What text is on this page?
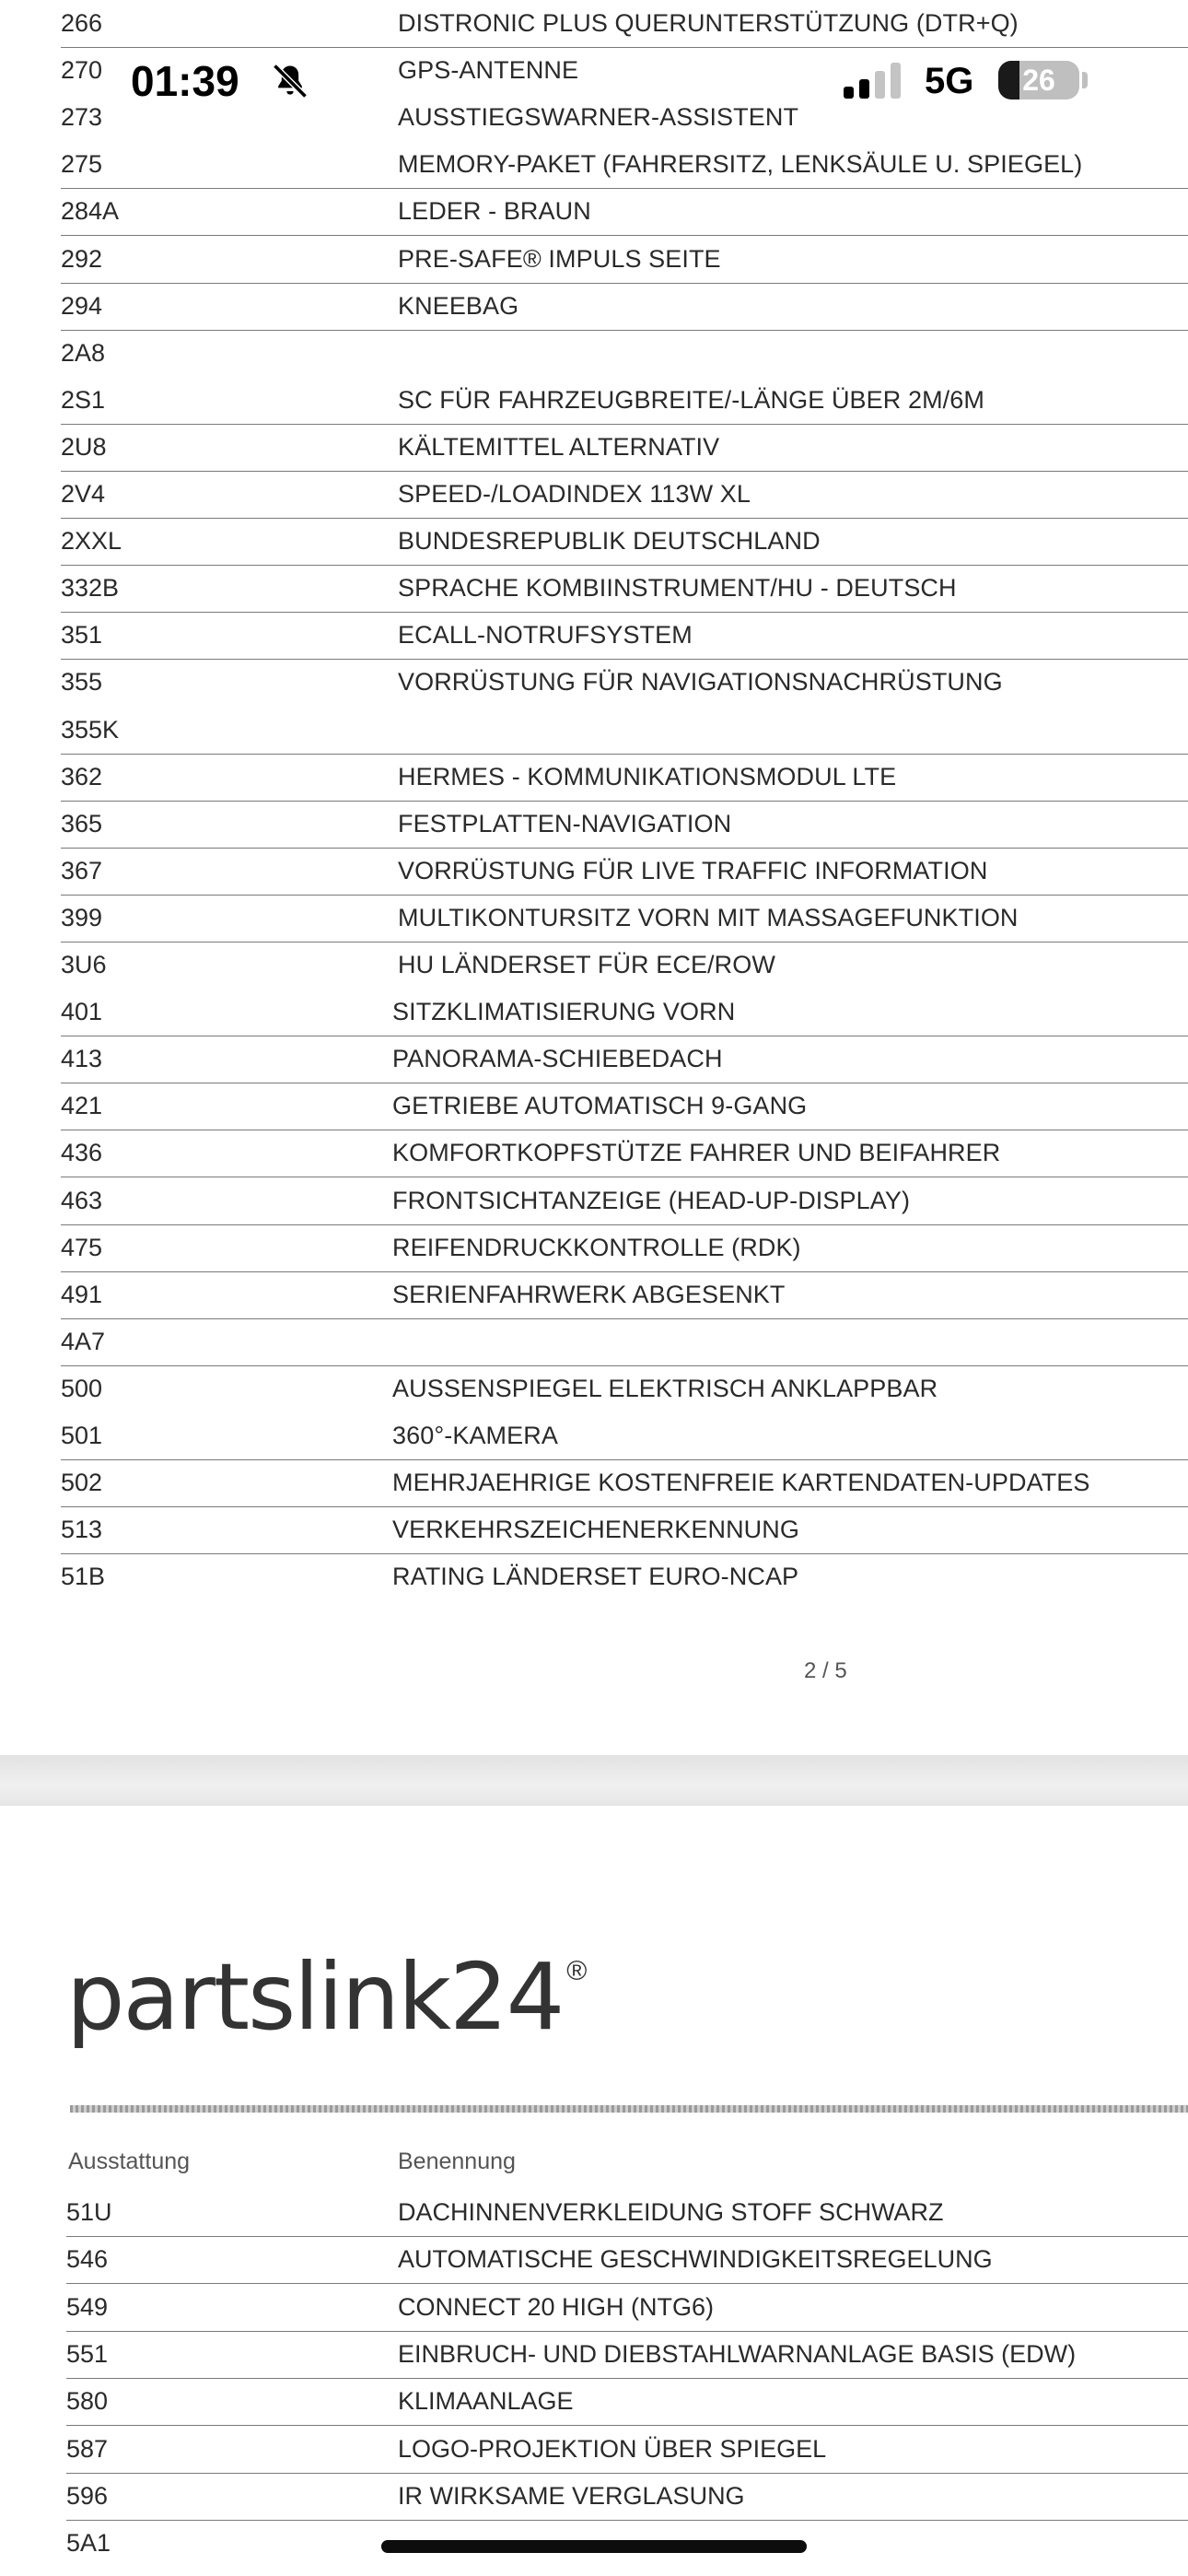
266	DISTRONIC PLUS QUERUNTERSTÜTZUNG (DTR+Q)
270	GPS-ANTENNE
273	AUSSTIEGSWARNER-ASSISTENT
275	MEMORY-PAKET (FAHRERSITZ, LENKSÄULE U. SPIEGEL)
284A	LEDER - BRAUN
292	PRE-SAFE® IMPULS SEITE
294	KNEEBAG
2A8
2S1	SC FÜR FAHRZEUGBREITE/-LÄNGE ÜBER 2M/6M
2U8	KÄLTEMITTEL ALTERNATIV
2V4	SPEED-/LOADINDEX 113W XL
2XXL	BUNDESREPUBLIK DEUTSCHLAND
332B	SPRACHE KOMBIINSTRUMENT/HU - DEUTSCH
351	ECALL-NOTRUFSYSTEM
355	VORRÜSTUNG FÜR NAVIGATIONSNACHRÜSTUNG
355K
362	HERMES - KOMMUNIKATIONSMODUL LTE
365	FESTPLATTEN-NAVIGATION
367	VORRÜSTUNG FÜR LIVE TRAFFIC INFORMATION
399	MULTIKONTURSITZ VORN MIT MASSAGEFUNKTION
3U6	HU LÄNDERSET FÜR ECE/ROW
401	SITZKLIMATISIERUNG VORN
413	PANORAMA-SCHIEBEDACH
421	GETRIEBE AUTOMATISCH 9-GANG
436	KOMFORTKOPFSTÜTZE FAHRER UND BEIFAHRER
463	FRONTSICHTANZEIGE (HEAD-UP-DISPLAY)
475	REIFENDRUCKKONTROLLE (RDK)
491	SERIENFAHRWERK ABGESENKT
4A7
500	AUSSENSPIEGEL ELEKTRISCH ANKLAPPBAR
501	360°-KAMERA
502	MEHRJAEHRIGE KOSTENFREIE KARTENDATEN-UPDATES
513	VERKEHRSZEICHENERKENNUNG
51B	RATING LÄNDERSET EURO-NCAP
2 / 5
partslink24 ®
Ausstattung	Benennung
51U	DACHINNENVERKLEIDUNG STOFF SCHWARZ
546	AUTOMATISCHE GESCHWINDIGKEITSREGELUNG
549	CONNECT 20 HIGH (NTG6)
551	EINBRUCH- UND DIEBSTAHLWARNANLAGE BASIS (EDW)
580	KLIMAANLAGE
587	LOGO-PROJEKTION ÜBER SPIEGEL
596	IR WIRKSAME VERGLASUNG
5A1
01:39	5G	26
